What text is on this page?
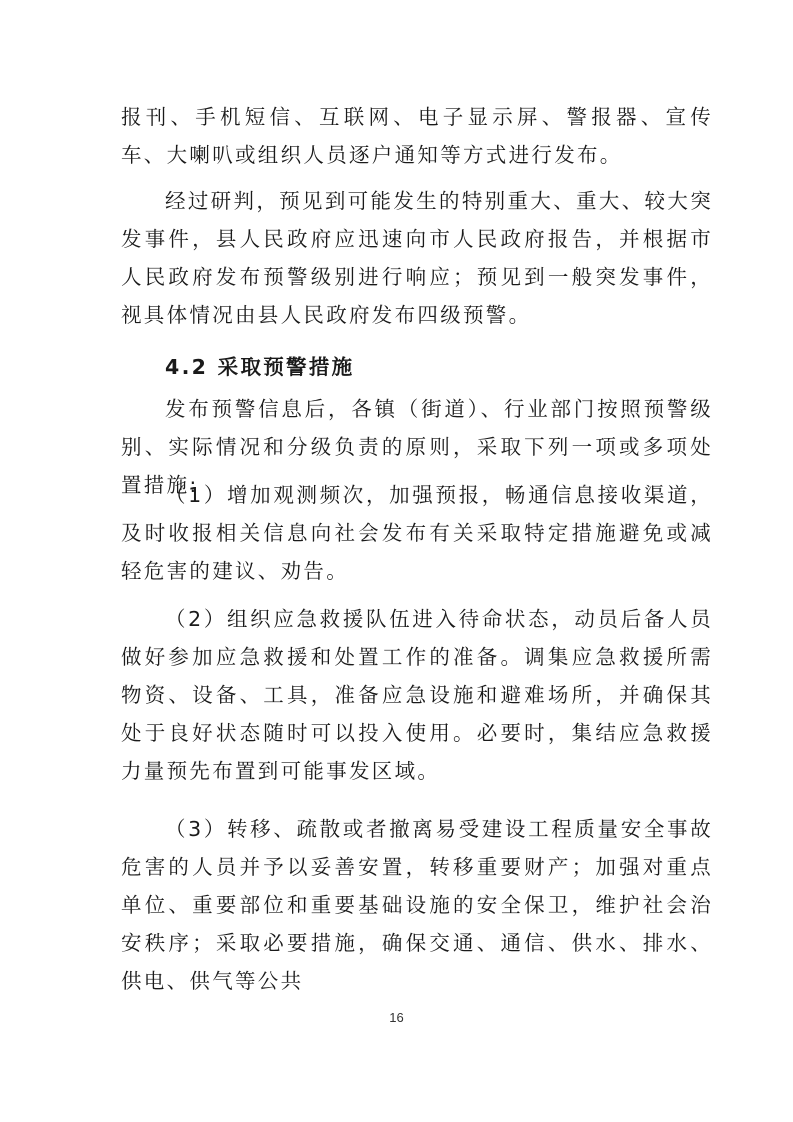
报刊、手机短信、互联网、电子显示屏、警报器、宣传车、大喇叭或组织人员逐户通知等方式进行发布。

经过研判，预见到可能发生的特别重大、重大、较大突发事件，县人民政府应迅速向市人民政府报告，并根据市人民政府发布预警级别进行响应；预见到一般突发事件，视具体情况由县人民政府发布四级预警。

4.2 采取预警措施

发布预警信息后，各镇（街道）、行业部门按照预警级别、实际情况和分级负责的原则，采取下列一项或多项处置措施:

（1）增加观测频次，加强预报，畅通信息接收渠道，及时收报相关信息向社会发布有关采取特定措施避免或减轻危害的建议、劝告。

（2）组织应急救援队伍进入待命状态，动员后备人员做好参加应急救援和处置工作的准备。调集应急救援所需物资、设备、工具，准备应急设施和避难场所，并确保其处于良好状态随时可以投入使用。必要时，集结应急救援力量预先布置到可能事发区域。

（3）转移、疏散或者撤离易受建设工程质量安全事故危害的人员并予以妥善安置，转移重要财产；加强对重点单位、重要部位和重要基础设施的安全保卫，维护社会治安秩序；采取必要措施，确保交通、通信、供水、排水、供电、供气等公共

16
